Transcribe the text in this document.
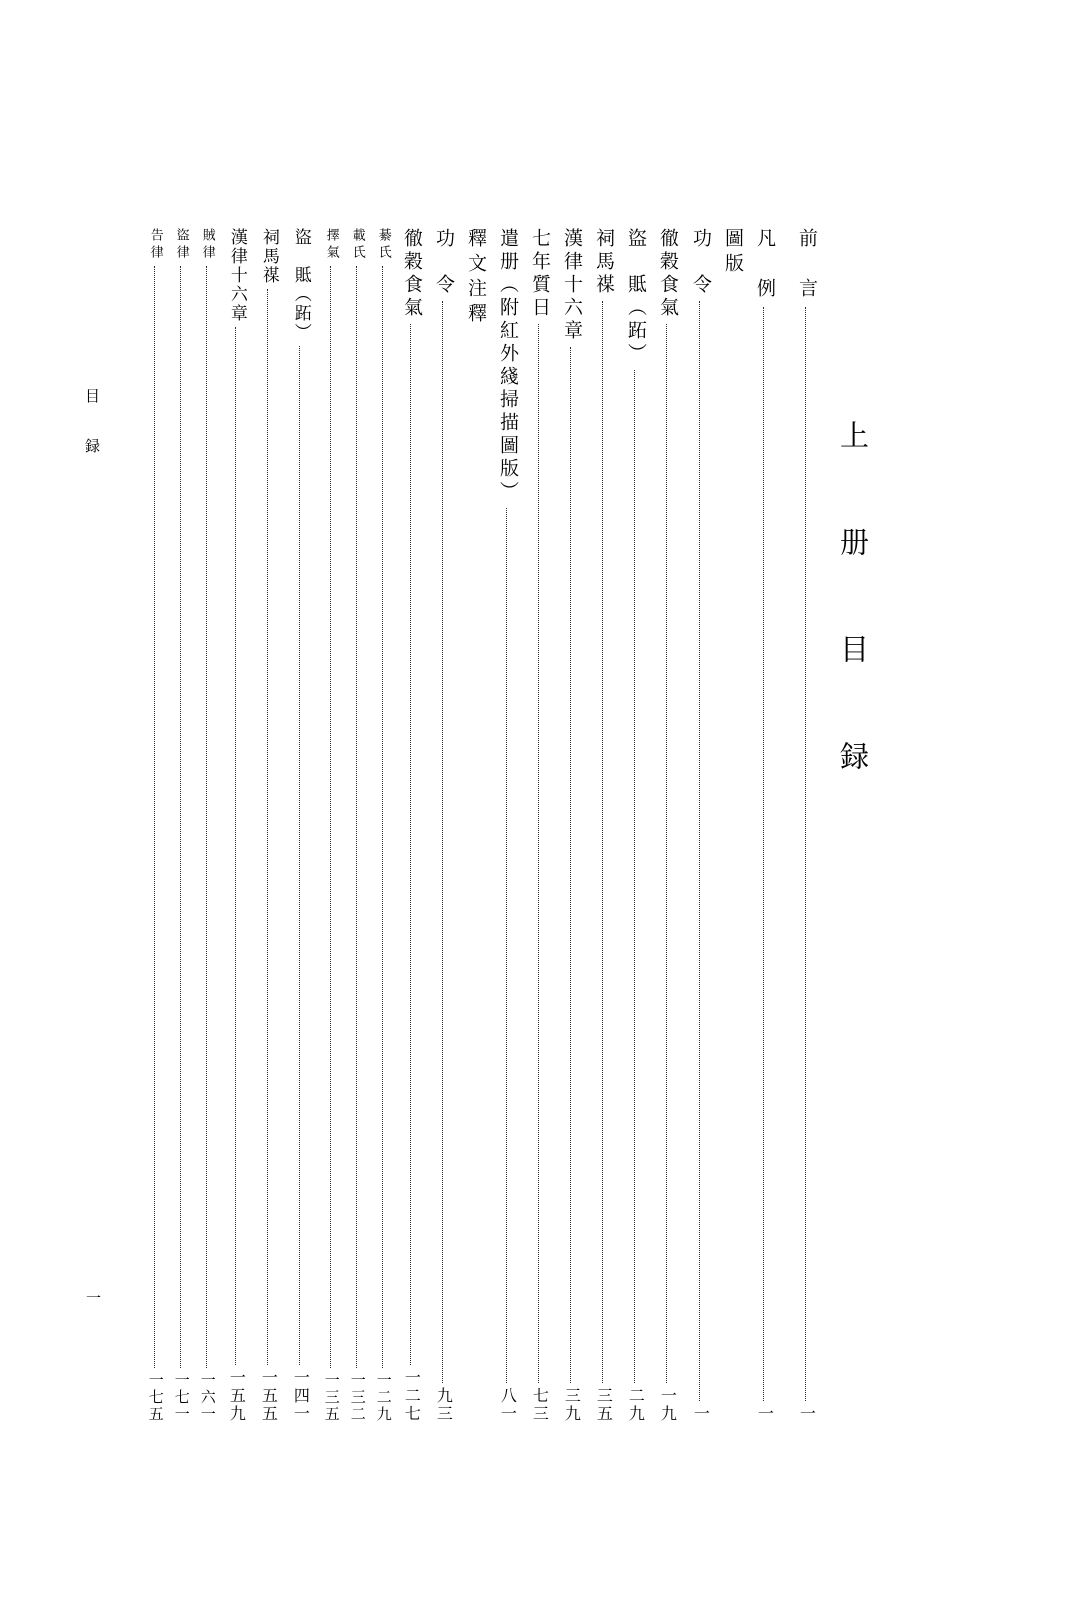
上 册 目 録
目　録
一
前　言
一
凡　例
一
圖版
功　令
一
徹穀食氣
一九
盜　貾（跖）
二九
祠馬禖
三五
漢律十六章
三九
七年質日
七三
遣册（附紅外綫掃描圖版）
八一
釋文注釋
功　令
九三
徹穀食氣
一二七
綦氏
一二九
載氏
一三二
擇氣
一三五
盜　貾（跖）
一四一
祠馬禖
一五五
漢律十六章
一五九
賊律
一六一
盜律
一七一
告律
一七五
